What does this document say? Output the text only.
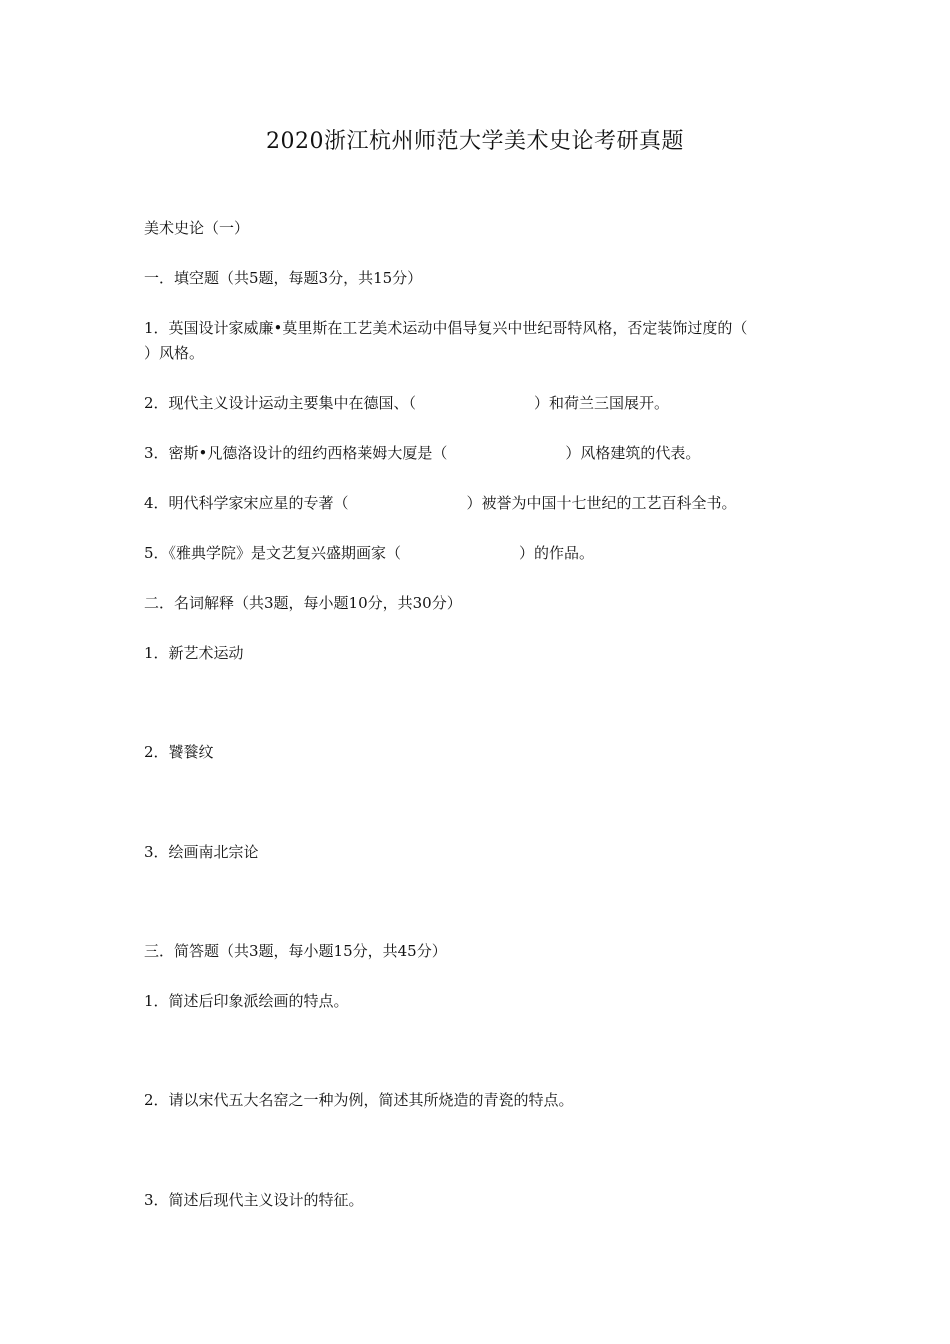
2020浙江杭州师范大学美术史论考研真题
美术史论（一）
一．填空题（共5题，每题3分，共15分）
1．英国设计家威廉•莫里斯在工艺美术运动中倡导复兴中世纪哥特风格，否定装饰过度的（
）风格。
2．现代主义设计运动主要集中在德国、（	）和荷兰三国展开。
3．密斯•凡德洛设计的纽约西格莱姆大厦是（	）风格建筑的代表。
4．明代科学家宋应星的专著（	）被誉为中国十七世纪的工艺百科全书。
5．《雅典学院》是文艺复兴盛期画家（	）的作品。
二．名词解释（共3题，每小题10分，共30分）
1．新艺术运动
2．饕餮纹
3．绘画南北宗论
三．简答题（共3题，每小题15分，共45分）
1．简述后印象派绘画的特点。
2．请以宋代五大名窑之一种为例，简述其所烧造的青瓷的特点。
3．简述后现代主义设计的特征。
